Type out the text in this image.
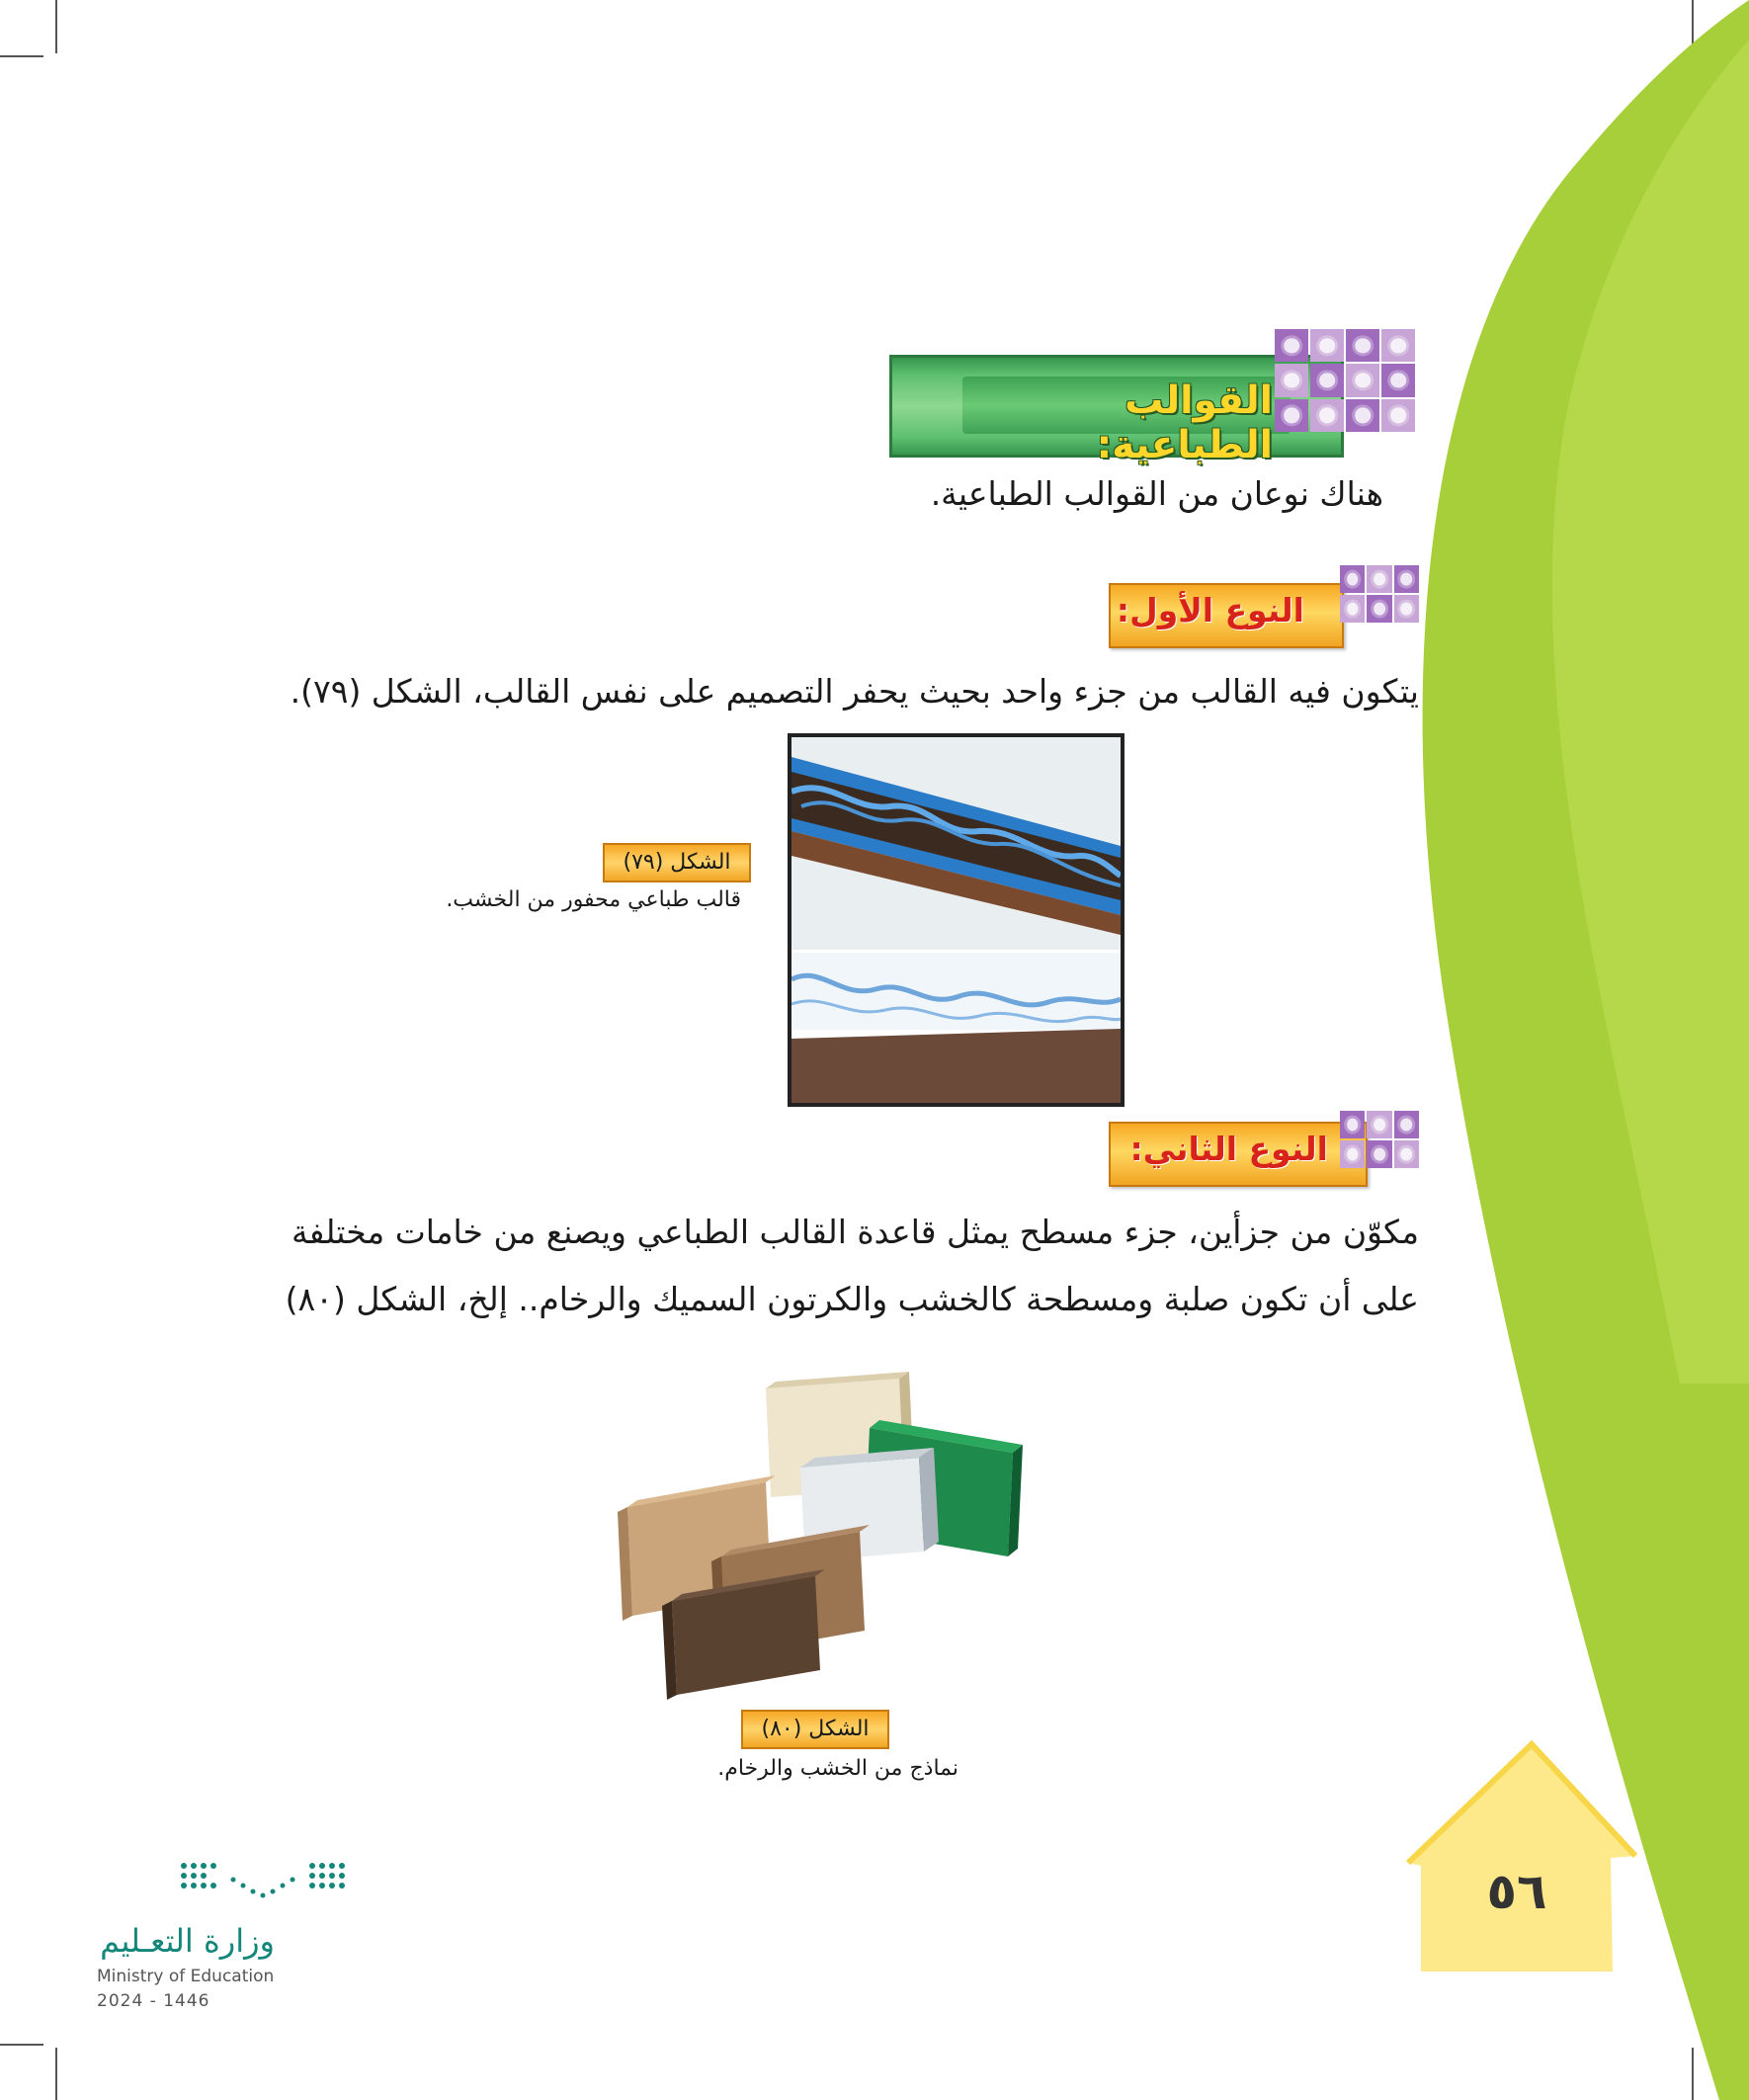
القوالب الطباعية:
هناك نوعان من القوالب الطباعية.
النوع الأول:
يتكون فيه القالب من جزء واحد بحيث يحفر التصميم على نفس القالب، الشكل (٧٩).
الشكل (٧٩)
قالب طباعي محفور من الخشب.
النوع الثاني:
مكوّن من جزأين، جزء مسطح يمثل قاعدة القالب الطباعي ويصنع من خامات مختلفة
على أن تكون صلبة ومسطحة كالخشب والكرتون السميك والرخام.. إلخ، الشكل (٨٠)
الشكل (٨٠)
نماذج من الخشب والرخام.
٥٦
وزارة التعـليم
Ministry of Education
2024 - 1446
